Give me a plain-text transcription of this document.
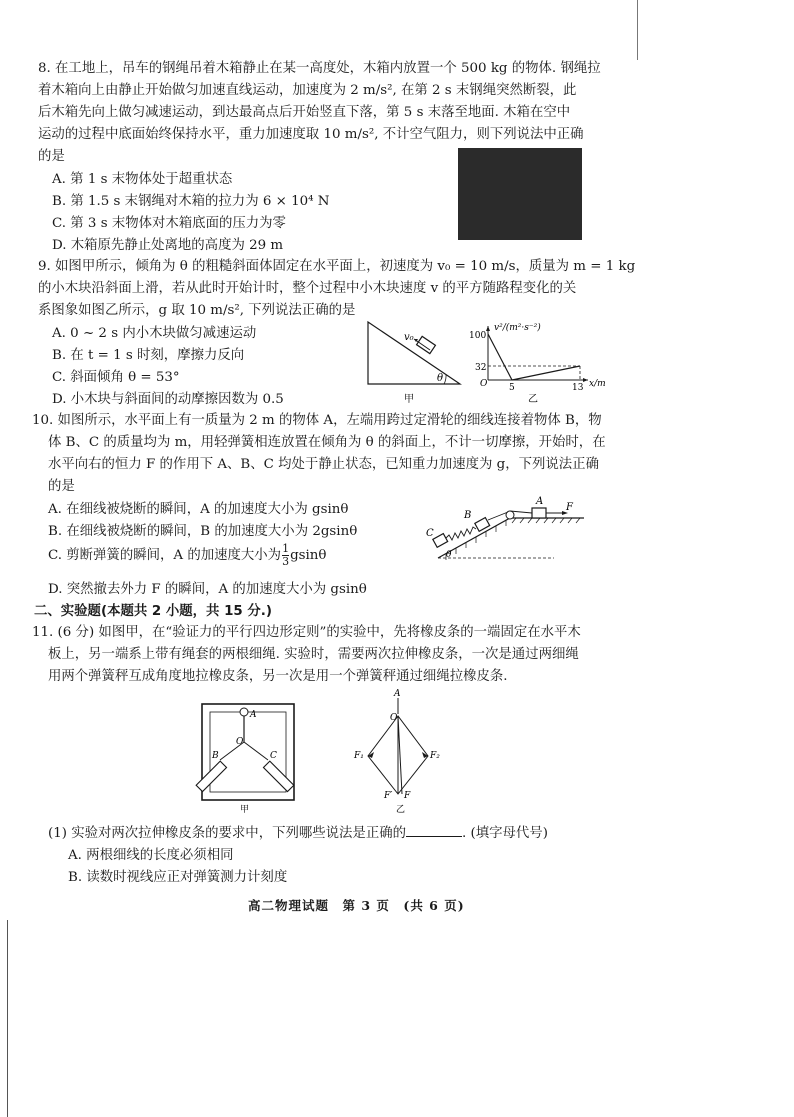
8. 在工地上，吊车的钢绳吊着木箱静止在某一高度处，木箱内放置一个 500 kg 的物体. 钢绳拉
着木箱向上由静止开始做匀加速直线运动，加速度为 2 m/s², 在第 2 s 末钢绳突然断裂，此
后木箱先向上做匀减速运动，到达最高点后开始竖直下落，第 5 s 末落至地面. 木箱在空中
运动的过程中底面始终保持水平，重力加速度取 10 m/s², 不计空气阻力，则下列说法中正确
的是
A. 第 1 s 末物体处于超重状态
B. 第 1.5 s 末钢绳对木箱的拉力为 6 × 10⁴ N
C. 第 3 s 末物体对木箱底面的压力为零
D. 木箱原先静止处离地的高度为 29 m
9. 如图甲所示，倾角为 θ 的粗糙斜面体固定在水平面上，初速度为 v₀ = 10 m/s，质量为 m = 1 kg
的小木块沿斜面上滑，若从此时开始计时，整个过程中小木块速度 v 的平方随路程变化的关
系图象如图乙所示，g 取 10 m/s², 下列说法正确的是
A. 0 ~ 2 s 内小木块做匀减速运动
B. 在 t = 1 s 时刻，摩擦力反向
C. 斜面倾角 θ = 53°
D. 小木块与斜面间的动摩擦因数为 0.5
v₀
θ
甲
v²/(m²·s⁻²)
x/m
O
100
32
5	13
乙
10. 如图所示，水平面上有一质量为 2 m 的物体 A，左端用跨过定滑轮的细线连接着物体 B，物
体 B、C 的质量均为 m，用轻弹簧相连放置在倾角为 θ 的斜面上，不计一切摩擦，开始时，在
水平向右的恒力 F 的作用下 A、B、C 均处于静止状态，已知重力加速度为 g，下列说法正确
的是
A. 在细线被烧断的瞬间，A 的加速度大小为 gsinθ
B. 在细线被烧断的瞬间，B 的加速度大小为 2gsinθ
C. 剪断弹簧的瞬间，A 的加速度大小为 $\frac{1}{3}$ gsinθ
D. 突然撤去外力 F 的瞬间，A 的加速度大小为 gsinθ
θ
A
F
B
C
二、实验题(本题共 2 小题，共 15 分.)
11. (6 分) 如图甲，在“验证力的平行四边形定则”的实验中，先将橡皮条的一端固定在水平木
板上，另一端系上带有绳套的两根细绳. 实验时，需要两次拉伸橡皮条，一次是通过两细绳
用两个弹簧秤互成角度地拉橡皮条，另一次是用一个弹簧秤通过细绳拉橡皮条.
A
O
B	C
甲
A
O
F₁	F₂
F′ F
乙
(1) 实验对两次拉伸橡皮条的要求中，下列哪些说法是正确的	. (填字母代号)
A. 两根细线的长度必须相同
B. 读数时视线应正对弹簧测力计刻度
高二物理试题　第 3 页　(共 6 页)
